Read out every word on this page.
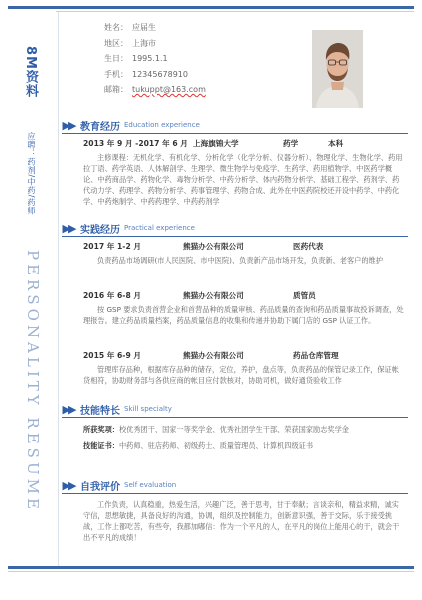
8M资料
应聘：药剂/中药/药师
PERSONALITY RESUME
姓名： 应届生
地区： 上海市
生日： 1995.1.1
手机： 12345678910
邮箱： tukuppt@163.com
▶▶ 教育经历 Education experience
2013 年 9 月 -2017 年 6 月 上海旗锦大学	药学	本科
主修课程：无机化学、有机化学、分析化学（化学分析、仪器分析）、物理化学、生物化学、药用拉丁语、药学英语、人体解剖学、生理学、微生物学与免疫学、生药学、药用植物学、中医药学概论、中药商品学、药物化学、毒物分析学、中药分析学、体内药物分析学、基础工程学、药剂学、药代动力学、药理学、药物分析学、药事管理学、药物合成、此外在中医药院校还开设中药学、中药化学、中药炮制学、中药药理学、中药药剂学
▶▶ 实践经历 Practical experience
2017 年 1-2 月	熊猫办公有限公司	医药代表
负责药品市场调研(市人民医院、市中医院)、负责新产品市场开发，负责新、老客户的维护
2016 年 6-8 月	熊猫办公有限公司	质管员
按 GSP 要求负责首营企业和首营品种的质量审核、药品质量的查询和药品质量事故投诉调查，处理报告。建立药品质量档案，药品质量信息的收集和传递并协助下属门店的 GSP 认证工作。
2015 年 6-9 月	熊猫办公有限公司	药品仓库管理
管理库存品种，根据库存品种的储存，定位，养护，盘点等，负责药品的保管记录工作，保证帐货相符，协助财务部与各供应商的帐目应付款核对，协助司机，做好通货验收工作
▶▶ 技能特长 Skill specialty
所获奖项：校优秀团干、国家一等奖学金、优秀社团学生干部、荣获国家励志奖学金
技能证书：中药师、驻店药师、初级药士、质量管理员、计算机四级证书
▶▶ 自我评价 Self evaluation
工作负责，认真稳重，热爱生活，兴趣广泛，善于思考，甘于奉献；言谈亲和，精益求精，诚实守信，思想敏捷，具备良好的沟通，协调，组织及控制能力，创新意识强，善于交际，乐于接受挑战，工作上都吃苦，有些夸，我都加嘟信：作为一个平凡的人，在平凡的岗位上能用心的干，就会干出不平凡的成绩！
